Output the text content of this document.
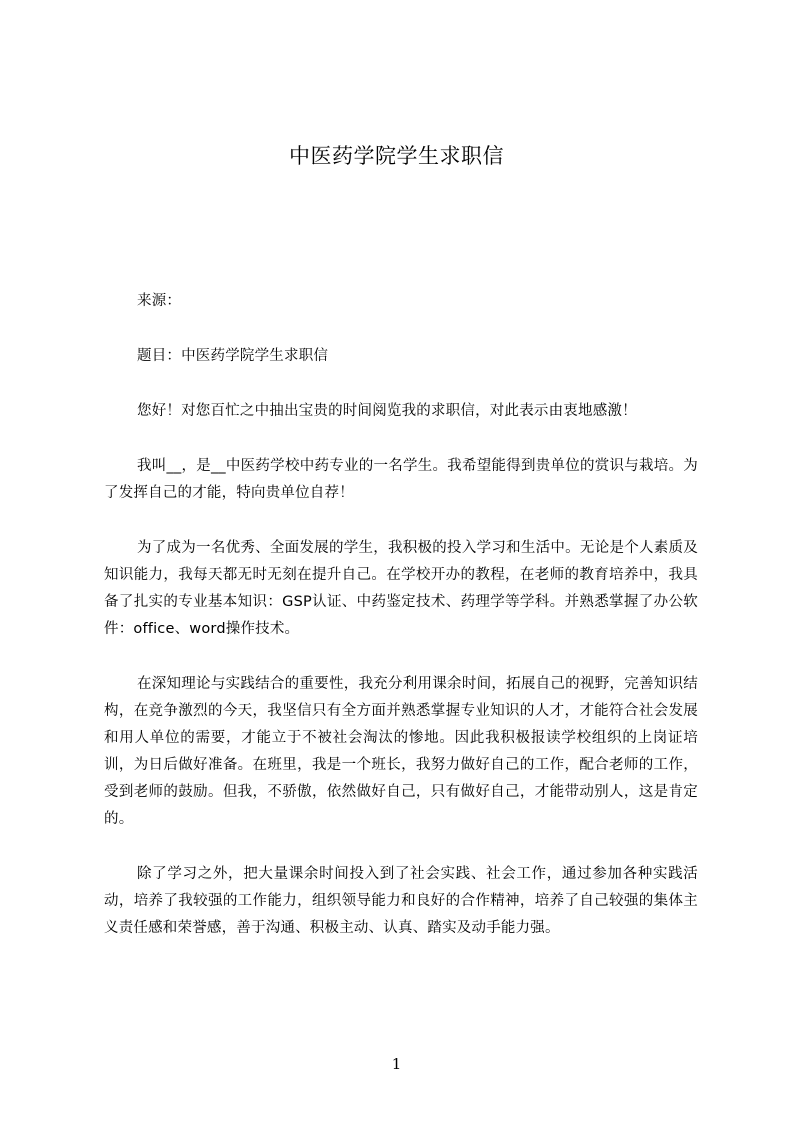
中医药学院学生求职信

来源：

题目：中医药学院学生求职信

您好！对您百忙之中抽出宝贵的时间阅览我的求职信，对此表示由衷地感激！

我叫__，是__中医药学校中药专业的一名学生。我希望能得到贵单位的赏识与栽培。为了发挥自己的才能，特向贵单位自荐！

为了成为一名优秀、全面发展的学生，我积极的投入学习和生活中。无论是个人素质及知识能力，我每天都无时无刻在提升自己。在学校开办的教程，在老师的教育培养中，我具备了扎实的专业基本知识：GSP认证、中药鉴定技术、药理学等学科。并熟悉掌握了办公软件：office、word操作技术。

在深知理论与实践结合的重要性，我充分利用课余时间，拓展自己的视野，完善知识结构，在竞争激烈的今天，我坚信只有全方面并熟悉掌握专业知识的人才，才能符合社会发展和用人单位的需要，才能立于不被社会淘汰的惨地。因此我积极报读学校组织的上岗证培训，为日后做好准备。在班里，我是一个班长，我努力做好自己的工作，配合老师的工作，受到老师的鼓励。但我，不骄傲，依然做好自己，只有做好自己，才能带动别人，这是肯定的。

除了学习之外，把大量课余时间投入到了社会实践、社会工作，通过参加各种实践活动，培养了我较强的工作能力，组织领导能力和良好的合作精神，培养了自己较强的集体主义责任感和荣誉感，善于沟通、积极主动、认真、踏实及动手能力强。

1
